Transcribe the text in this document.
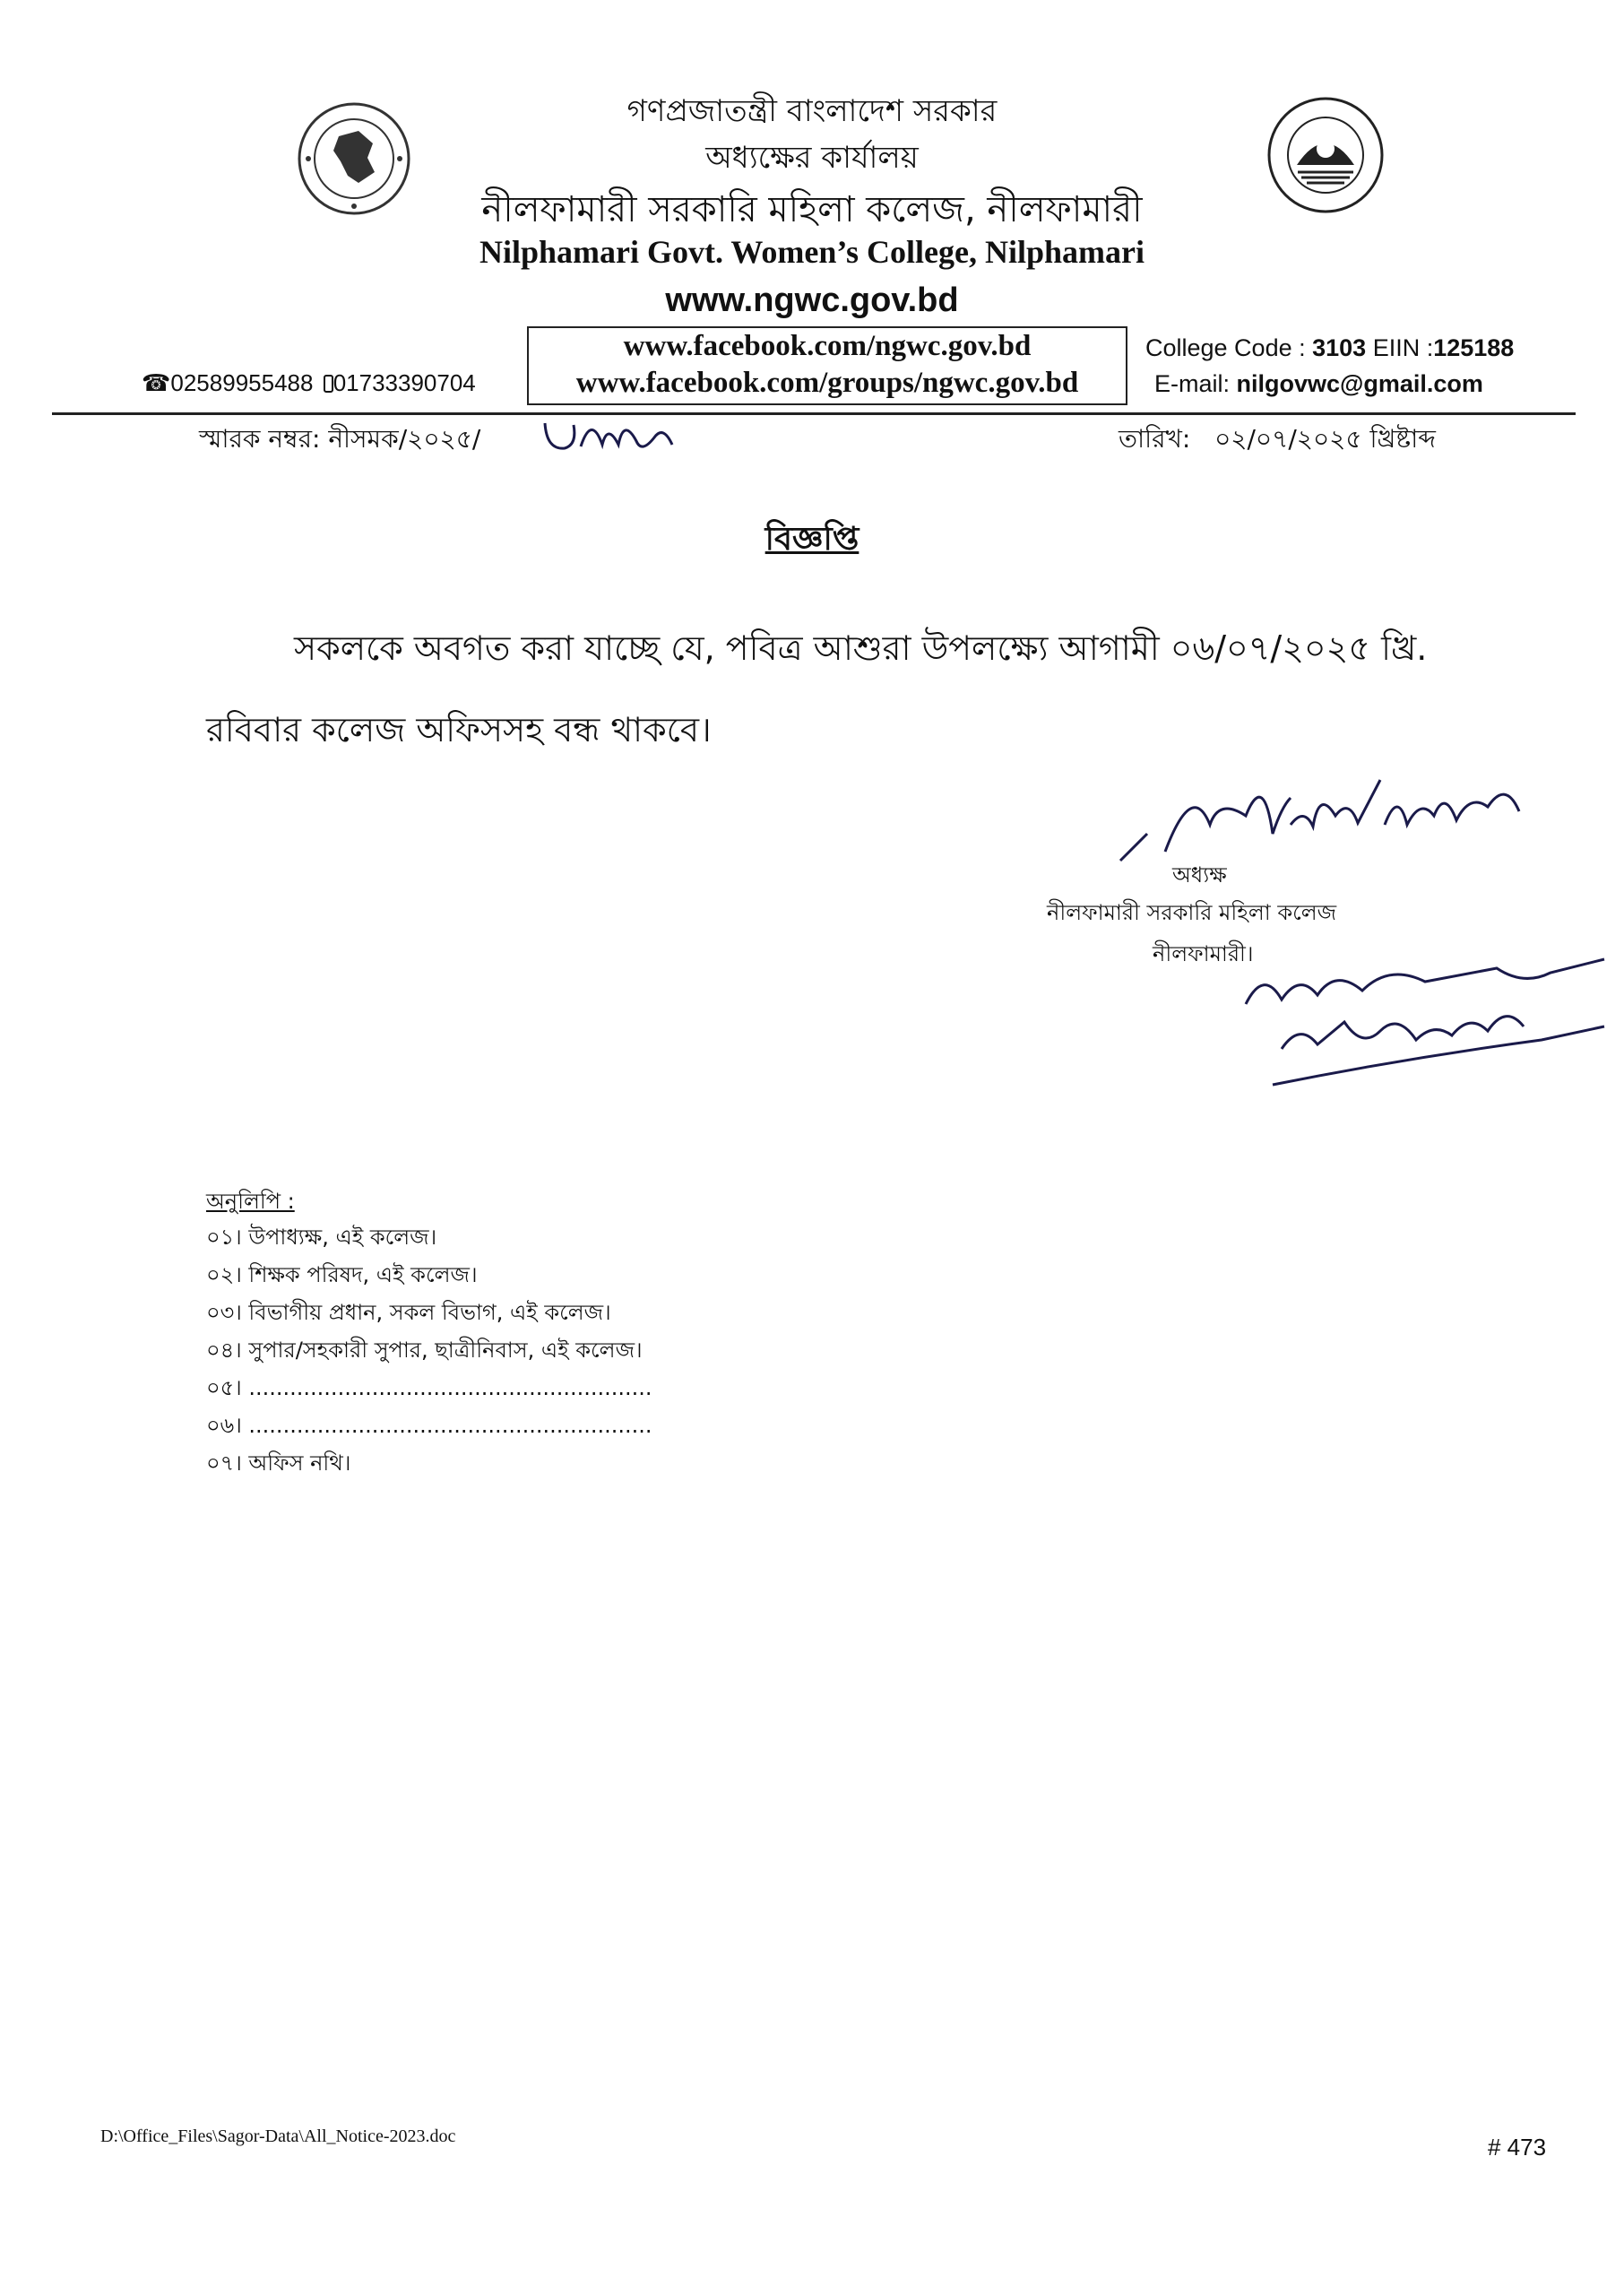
গণপ্রজাতন্ত্রী বাংলাদেশ সরকার
অধ্যক্ষের কার্যালয়
নীলফামারী সরকারি মহিলা কলেজ, নীলফামারী
Nilphamari Govt. Women’s College, Nilphamari
www.ngwc.gov.bd
www.facebook.com/ngwc.gov.bd
www.facebook.com/groups/ngwc.gov.bd
☎02589955488 01733390704
College Code : 3103 EIIN :125188
E-mail: nilgovwc@gmail.com
স্মারক নম্বর: নীসমক/২০২৫/	তারিখ: ০২/০৭/২০২৫ খ্রিষ্টাব্দ
বিজ্ঞপ্তি
সকলকে অবগত করা যাচ্ছে যে, পবিত্র আশুরা উপলক্ষ্যে আগামী ০৬/০৭/২০২৫ খ্রি.
রবিবার কলেজ অফিসসহ বন্ধ থাকবে।
অধ্যক্ষ
নীলফামারী সরকারি মহিলা কলেজ
নীলফামারী।
অনুলিপি :
০১। উপাধ্যক্ষ, এই কলেজ।
০২। শিক্ষক পরিষদ, এই কলেজ।
০৩। বিভাগীয় প্রধান, সকল বিভাগ, এই কলেজ।
০৪। সুপার/সহকারী সুপার, ছাত্রীনিবাস, এই কলেজ।
০৫। ...........................................................
০৬। ...........................................................
০৭। অফিস নথি।
D:\Office_Files\Sagor-Data\All_Notice-2023.doc	# 473
